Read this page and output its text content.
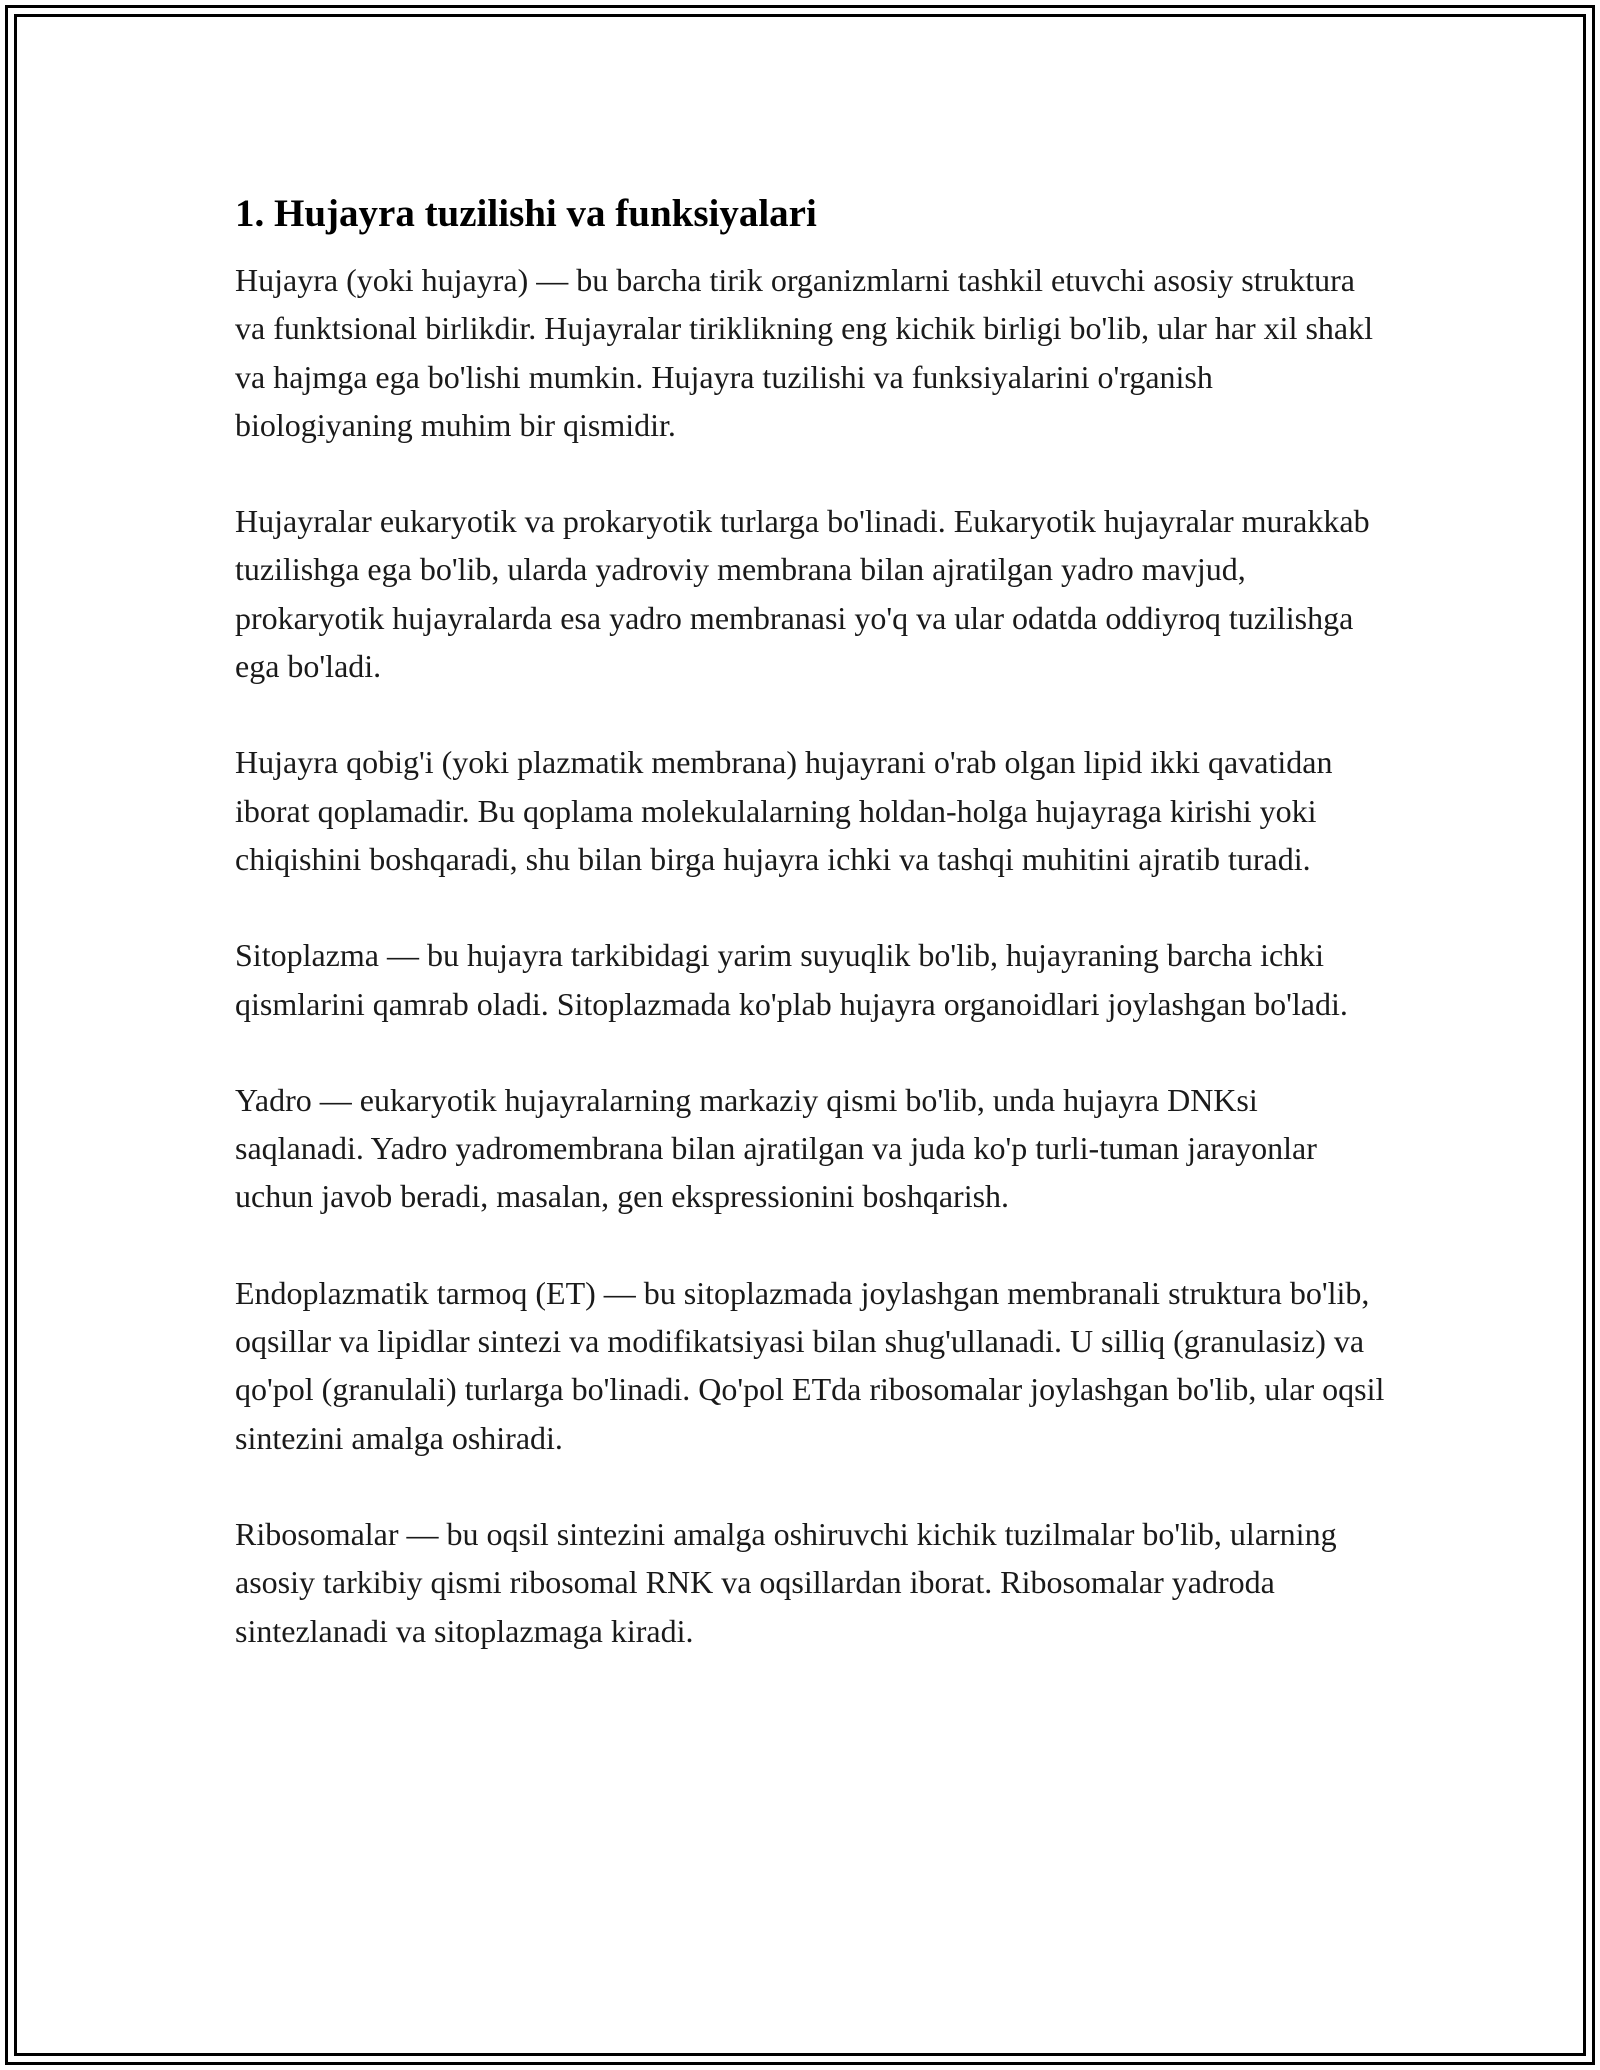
1. Hujayra tuzilishi va funksiyalari

Hujayra (yoki hujayra) — bu barcha tirik organizmlarni tashkil etuvchi asosiy struktura va funktsional birlikdir. Hujayralar tiriklikning eng kichik birligi bo'lib, ular har xil shakl va hajmga ega bo'lishi mumkin. Hujayra tuzilishi va funksiyalarini o'rganish biologiyaning muhim bir qismidir.

Hujayralar eukaryotik va prokaryotik turlarga bo'linadi. Eukaryotik hujayralar murakkab tuzilishga ega bo'lib, ularda yadroviy membrana bilan ajratilgan yadro mavjud, prokaryotik hujayralarda esa yadro membranasi yo'q va ular odatda oddiyroq tuzilishga ega bo'ladi.

Hujayra qobig'i (yoki plazmatik membrana) hujayrani o'rab olgan lipid ikki qavatidan iborat qoplamadir. Bu qoplama molekulalarning holdan-holga hujayraga kirishi yoki chiqishini boshqaradi, shu bilan birga hujayra ichki va tashqi muhitini ajratib turadi.

Sitoplazma — bu hujayra tarkibidagi yarim suyuqlik bo'lib, hujayraning barcha ichki qismlarini qamrab oladi. Sitoplazmada ko'plab hujayra organoidlari joylashgan bo'ladi.

Yadro — eukaryotik hujayralarning markaziy qismi bo'lib, unda hujayra DNKsi saqlanadi. Yadro yadromembrana bilan ajratilgan va juda ko'p turli-tuman jarayonlar uchun javob beradi, masalan, gen ekspressionini boshqarish.

Endoplazmatik tarmoq (ET) — bu sitoplazmada joylashgan membranali struktura bo'lib, oqsillar va lipidlar sintezi va modifikatsiyasi bilan shug'ullanadi. U silliq (granulasiz) va qo'pol (granulali) turlarga bo'linadi. Qo'pol ETda ribosomalar joylashgan bo'lib, ular oqsil sintezini amalga oshiradi.

Ribosomalar — bu oqsil sintezini amalga oshiruvchi kichik tuzilmalar bo'lib, ularning asosiy tarkibiy qismi ribosomal RNK va oqsillardan iborat. Ribosomalar yadroda sintezlanadi va sitoplazmaga kiradi.
